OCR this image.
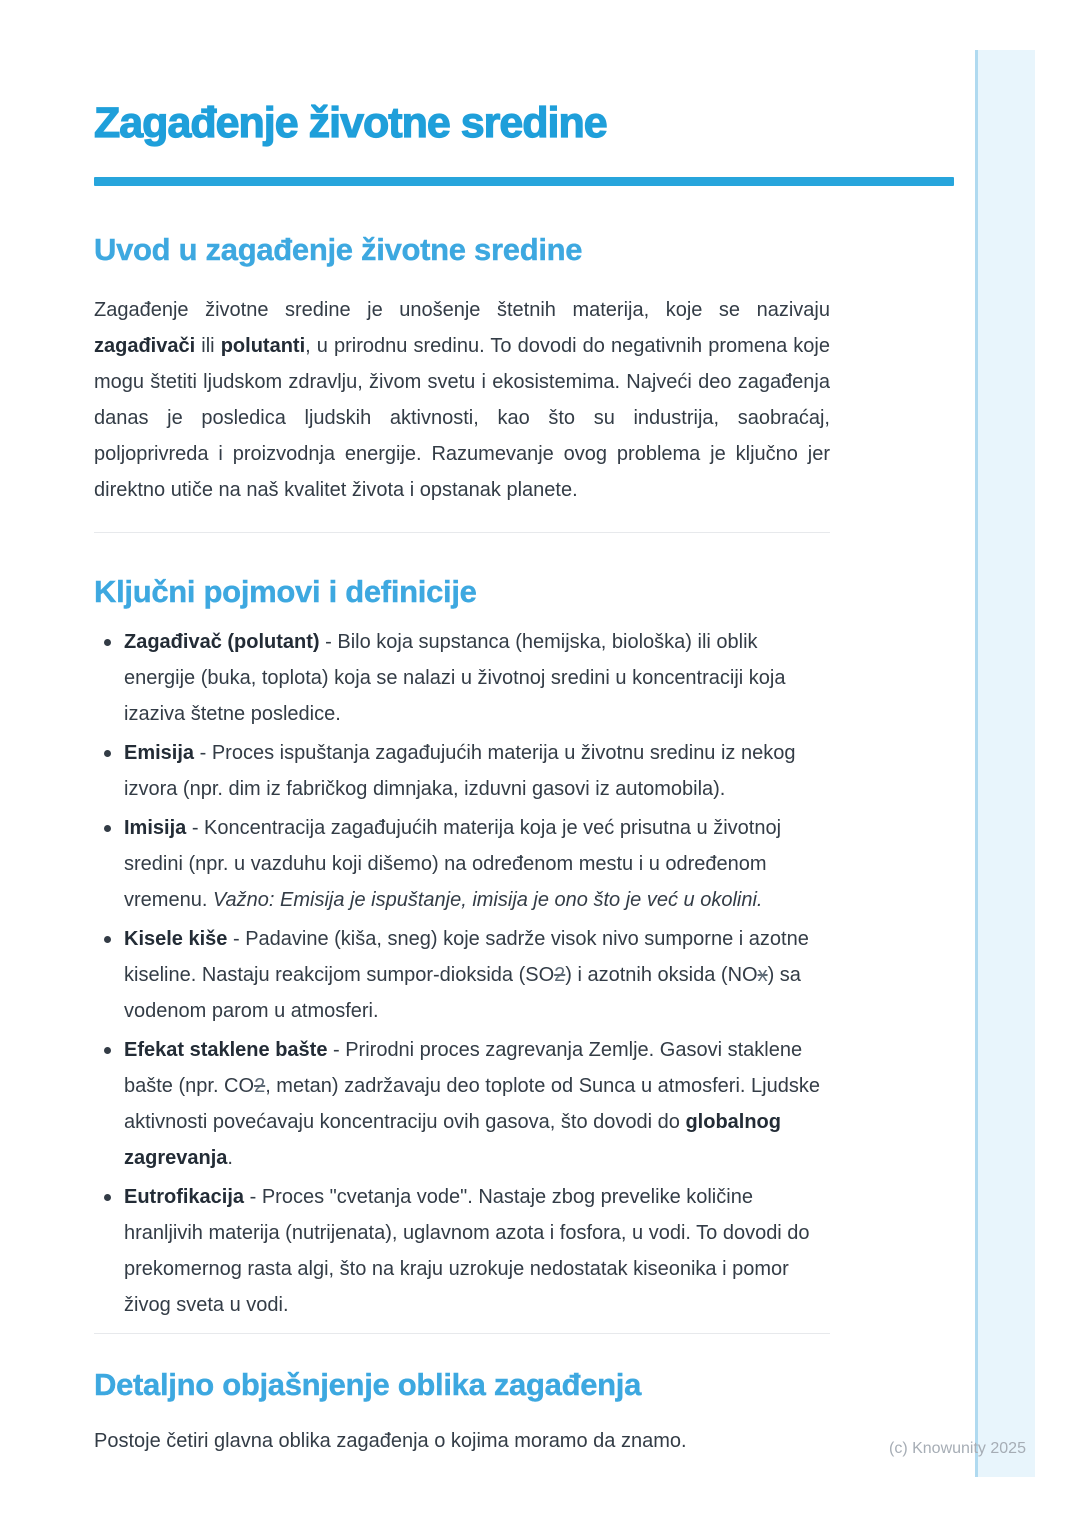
Zagađenje životne sredine
Uvod u zagađenje životne sredine

Zagađenje životne sredine je unošenje štetnih materija, koje se nazivaju zagađivači ili polutanti, u prirodnu sredinu. To dovodi do negativnih promena koje mogu štetiti ljudskom zdravlju, živom svetu i ekosistemima. Najveći deo zagađenja danas je posledica ljudskih aktivnosti, kao što su industrija, saobraćaj, poljoprivreda i proizvodnja energije. Razumevanje ovog problema je ključno jer direktno utiče na naš kvalitet života i opstanak planete.

Ključni pojmovi i definicije
Zagađivač (polutant) - Bilo koja supstanca (hemijska, biološka) ili oblik energije (buka, toplota) koja se nalazi u životnoj sredini u koncentraciji koja izaziva štetne posledice.
Emisija - Proces ispuštanja zagađujućih materija u životnu sredinu iz nekog izvora (npr. dim iz fabričkog dimnjaka, izduvni gasovi iz automobila).
Imisija - Koncentracija zagađujućih materija koja je već prisutna u životnoj sredini (npr. u vazduhu koji dišemo) na određenom mestu i u određenom vremenu. Važno: Emisija je ispuštanje, imisija je ono što je već u okolini.
Kisele kiše - Padavine (kiša, sneg) koje sadrže visok nivo sumporne i azotne kiseline. Nastaju reakcijom sumpor-dioksida (SO2) i azotnih oksida (NOx) sa vodenom parom u atmosferi.
Efekat staklene bašte - Prirodni proces zagrevanja Zemlje. Gasovi staklene bašte (npr. CO2, metan) zadržavaju deo toplote od Sunca u atmosferi. Ljudske aktivnosti povećavaju koncentraciju ovih gasova, što dovodi do globalnog zagrevanja.
Eutrofikacija - Proces "cvetanja vode". Nastaje zbog prevelike količine hranljivih materija (nutrijenata), uglavnom azota i fosfora, u vodi. To dovodi do prekomernog rasta algi, što na kraju uzrokuje nedostatak kiseonika i pomor živog sveta u vodi.
Detaljno objašnjenje oblika zagađenja

Postoje četiri glavna oblika zagađenja o kojima moramo da znamo.	(c) Knowunity 2025
